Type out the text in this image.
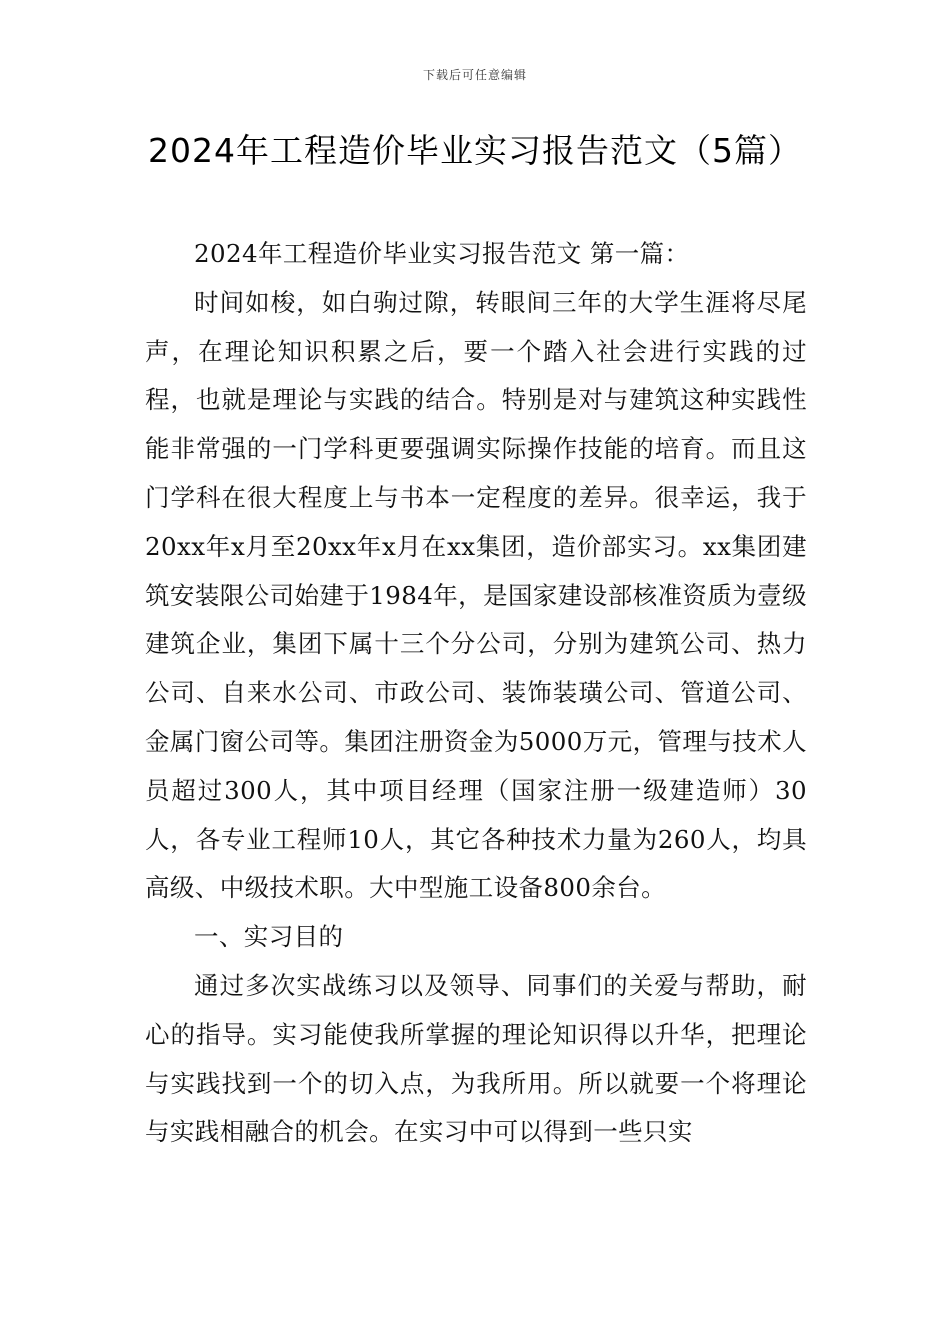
下载后可任意编辑
2024年工程造价毕业实习报告范文（5篇）

2024年工程造价毕业实习报告范文 第一篇：

时间如梭，如白驹过隙，转眼间三年的大学生涯将尽尾声，在理论知识积累之后，要一个踏入社会进行实践的过程，也就是理论与实践的结合。特别是对与建筑这种实践性能非常强的一门学科更要强调实际操作技能的培育。而且这门学科在很大程度上与书本一定程度的差异。很幸运，我于20xx年x月至20xx年x月在xx集团，造价部实习。xx集团建筑安装限公司始建于1984年，是国家建设部核准资质为壹级建筑企业，集团下属十三个分公司，分别为建筑公司、热力公司、自来水公司、市政公司、装饰装璜公司、管道公司、金属门窗公司等。集团注册资金为5000万元，管理与技术人员超过300人，其中项目经理（国家注册一级建造师）30人，各专业工程师10人，其它各种技术力量为260人，均具高级、中级技术职。大中型施工设备800余台。

一、实习目的

通过多次实战练习以及领导、同事们的关爱与帮助，耐心的指导。实习能使我所掌握的理论知识得以升华，把理论与实践找到一个的切入点，为我所用。所以就要一个将理论与实践相融合的机会。在实习中可以得到一些只实
